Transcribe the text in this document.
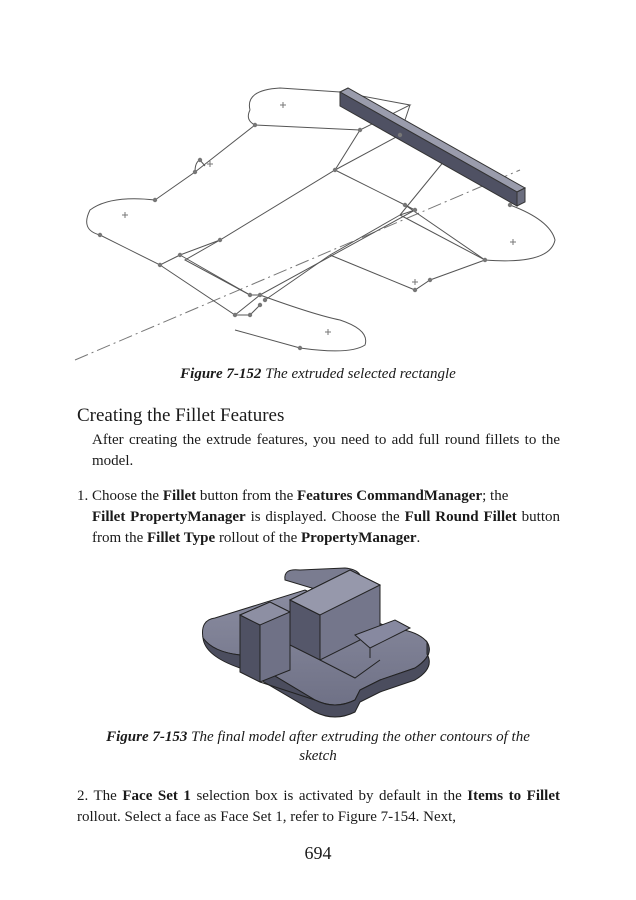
Figure 7-152 The extruded selected rectangle
Creating the Fillet Features
After creating the extrude features, you need to add full round fillets to the model.
1. Choose the Fillet button from the Features CommandManager; the
Fillet PropertyManager is displayed. Choose the Full Round Fillet button from the Fillet Type rollout of the PropertyManager.
Figure 7-153 The final model after extruding the other contours of the
sketch
2. The Face Set 1 selection box is activated by default in the Items to Fillet rollout. Select a face as Face Set 1, refer to Figure 7-154. Next,
694
